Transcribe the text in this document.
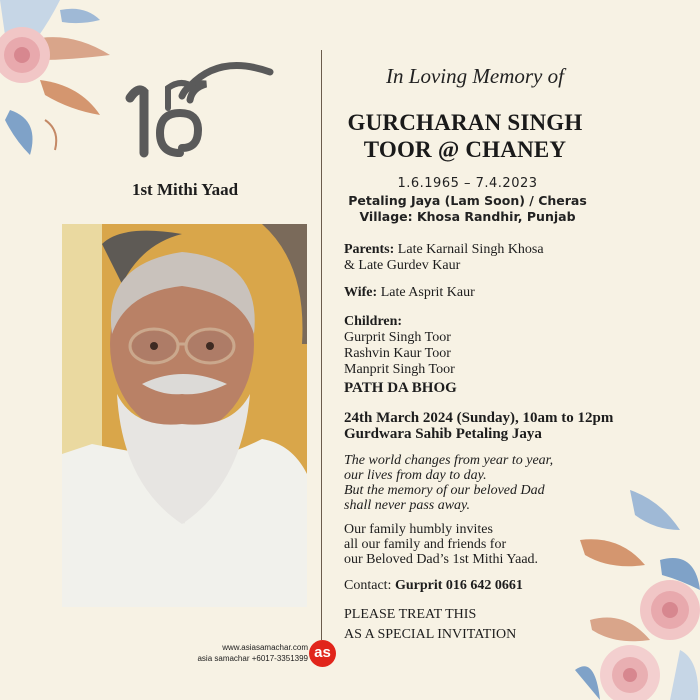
1st Mithi Yaad
In Loving Memory of
GURCHARAN SINGH
TOOR @ CHANEY
1.6.1965 – 7.4.2023
Petaling Jaya (Lam Soon) / Cheras
Village: Khosa Randhir, Punjab
Parents: Late Karnail Singh Khosa
& Late Gurdev Kaur
Wife: Late Asprit Kaur
Children:
Gurprit Singh Toor
Rashvin Kaur Toor
Manprit Singh Toor
PATH DA BHOG
24th March 2024 (Sunday), 10am to 12pm
Gurdwara Sahib Petaling Jaya
The world changes from year to year,
our lives from day to day.
But the memory of our beloved Dad
shall never pass away.
Our family humbly invites
all our family and friends for
our Beloved Dad’s 1st Mithi Yaad.
Contact: Gurprit 016 642 0661
PLEASE TREAT THIS
AS A SPECIAL INVITATION
www.asiasamachar.com
asia samachar +6017-3351399 as
